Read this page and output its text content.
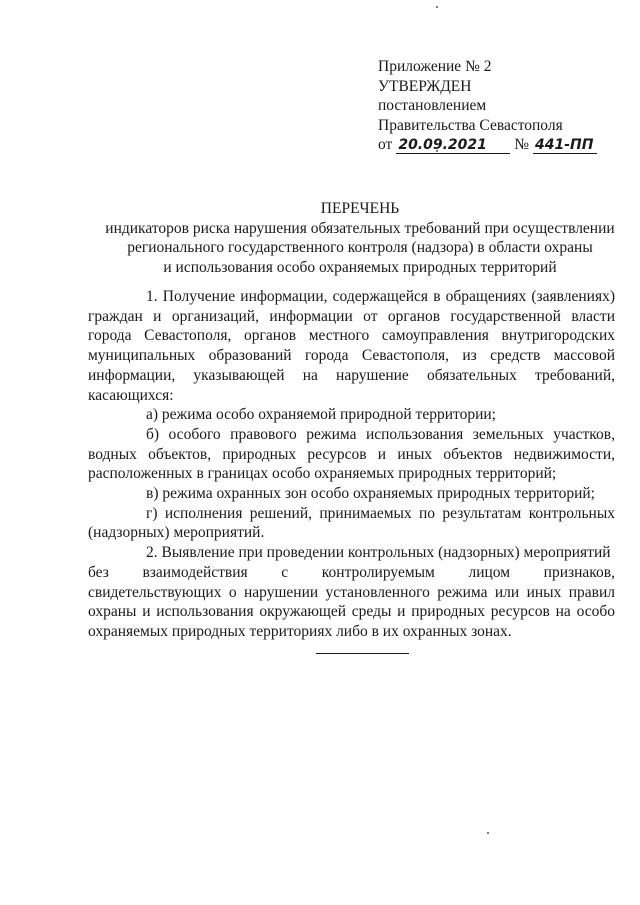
Приложение № 2
УТВЕРЖДЕН
постановлением
Правительства Севастополя
от 20.09.2021 № 441-ПП
ПЕРЕЧЕНЬ
индикаторов риска нарушения обязательных требований при осуществлении
регионального государственного контроля (надзора) в области охраны
и использования особо охраняемых природных территорий

1. Получение информации, содержащейся в обращениях (заявлениях) граждан и организаций, информации от органов государственной власти города Севастополя, органов местного самоуправления внутригородских муниципальных образований города Севастополя, из средств массовой информации, указывающей на нарушение обязательных требований, касающихся:

а) режима особо охраняемой природной территории;

б) особого правового режима использования земельных участков, водных объектов, природных ресурсов и иных объектов недвижимости, расположенных в границах особо охраняемых природных территорий;

в) режима охранных зон особо охраняемых природных территорий;

г) исполнения решений, принимаемых по результатам контрольных (надзорных) мероприятий.

2. Выявление при проведении контрольных (надзорных) мероприятий

без взаимодействия с контролируемым лицом признаков,

свидетельствующих о нарушении установленного режима или иных правил охраны и использования окружающей среды и природных ресурсов на особо охраняемых природных территориях либо в их охранных зонах.
